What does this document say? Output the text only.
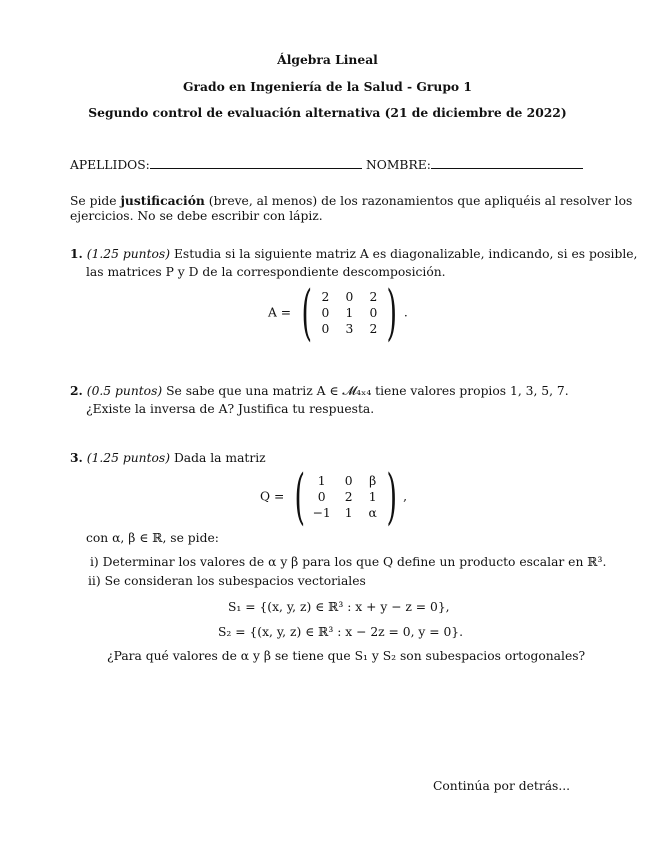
Álgebra Lineal
Grado en Ingeniería de la Salud - Grupo 1
Segundo control de evaluación alternativa (21 de diciembre de 2022)
APELLIDOS:	NOMBRE:
Se pide justificación (breve, al menos) de los razonamientos que apliquéis al resolver los
ejercicios. No se debe escribir con lápiz.
1. (1.25 puntos) Estudia si la siguiente matriz A es diagonalizable, indicando, si es posible,
las matrices P y D de la correspondiente descomposición.
A = ( 2 0 2
0 1 0
0 3 2 ) .
2. (0.5 puntos) Se sabe que una matriz A ∈ 𝓜₄ₓ₄ tiene valores propios 1, 3, 5, 7.
¿Existe la inversa de A? Justifica tu respuesta.
3. (1.25 puntos) Dada la matriz
Q = (	1	0 β
0	2 1
−1 1 α ) ,
con α, β ∈ ℝ, se pide:
i) Determinar los valores de α y β para los que Q define un producto escalar en ℝ³.
ii) Se consideran los subespacios vectoriales
S₁ = {(x, y, z) ∈ ℝ³ : x + y − z = 0},
S₂ = {(x, y, z) ∈ ℝ³ : x − 2z = 0, y = 0}.
¿Para qué valores de α y β se tiene que S₁ y S₂ son subespacios ortogonales?
Continúa por detrás...
